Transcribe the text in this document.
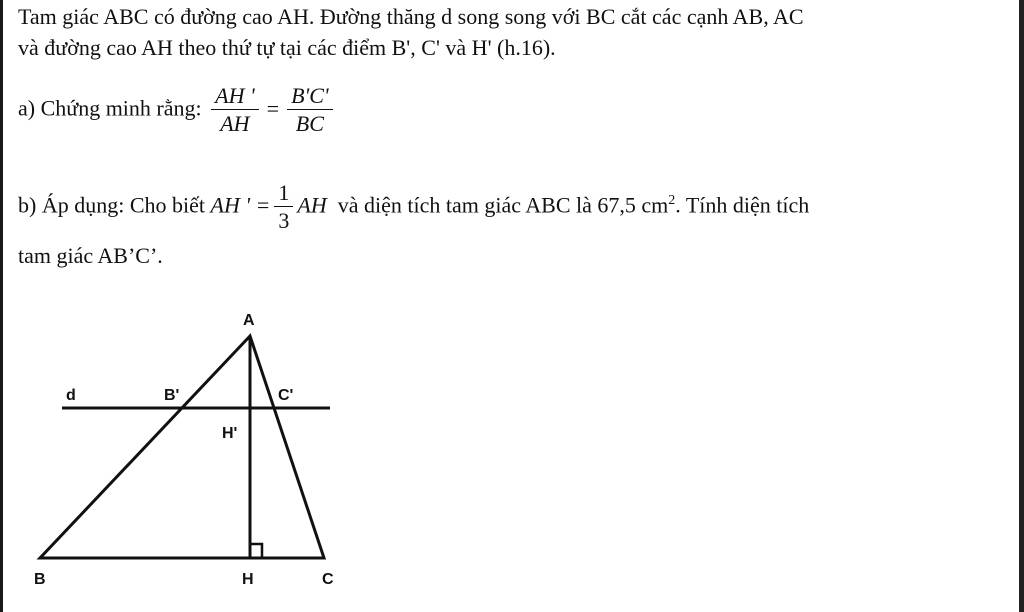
Tam giác ABC có đường cao AH. Đường thăng d song song với BC cắt các cạnh AB, AC
và đường cao AH theo thứ tự tại các điểm B', C' và H' (h.16).
a) Chứng minh rằng: $\frac{AH '}{AH} = \frac{B'C'}{BC}$
b) Áp dụng: Cho biết AH ' = $\frac{1}{3}$ AH và diện tích tam giác ABC là 67,5 $cm^2$. Tính diện tích
tam giác AB’C’.
A
B	C
H
B'	C'
H'
d
